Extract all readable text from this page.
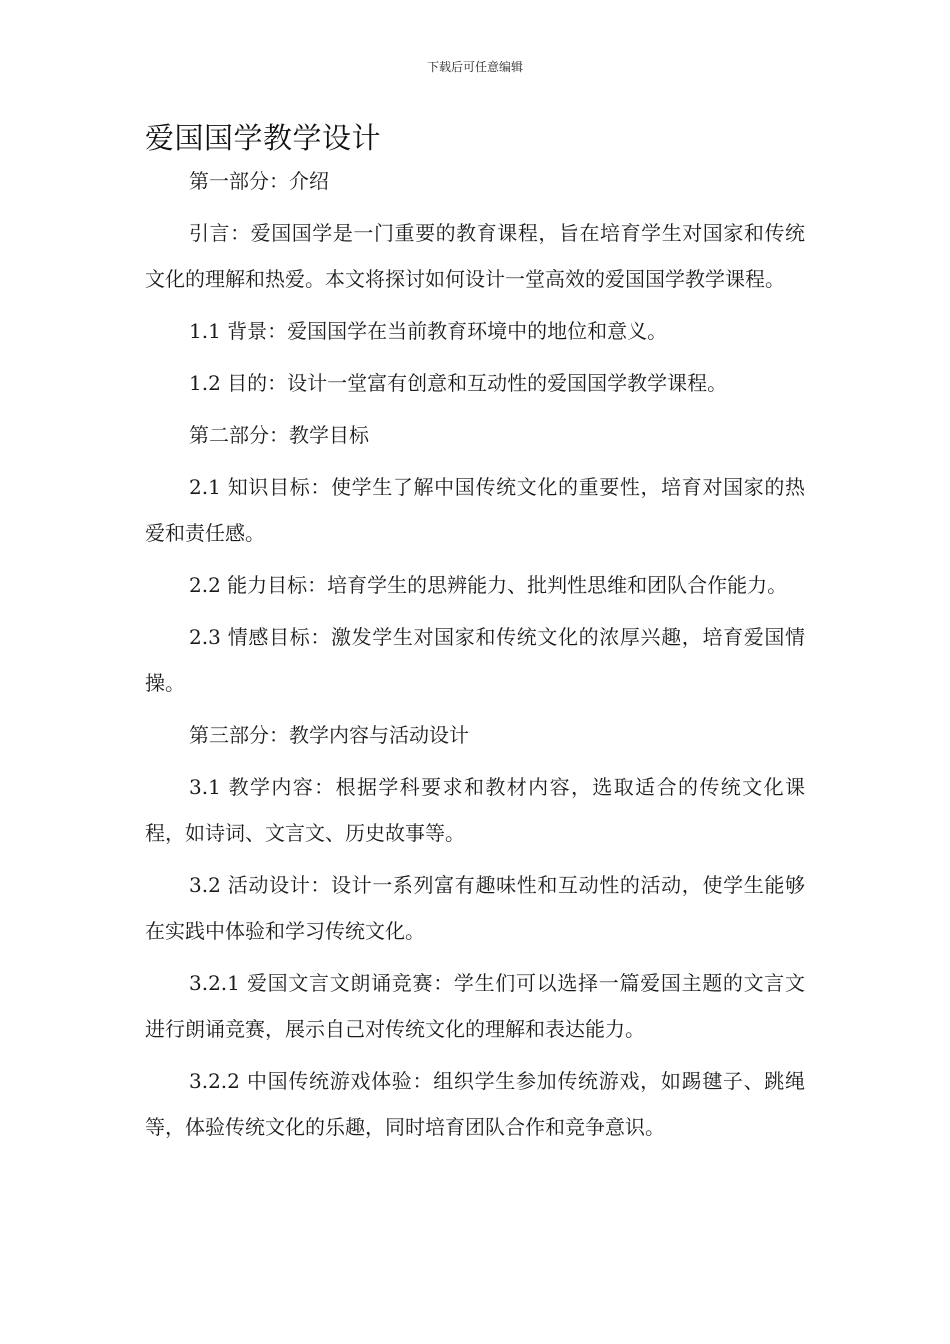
下载后可任意编辑
爱国国学教学设计

第一部分：介绍

引言：爱国国学是一门重要的教育课程，旨在培育学生对国家和传统文化的理解和热爱。本文将探讨如何设计一堂高效的爱国国学教学课程。

1.1 背景：爱国国学在当前教育环境中的地位和意义。

1.2 目的：设计一堂富有创意和互动性的爱国国学教学课程。

第二部分：教学目标

2.1 知识目标：使学生了解中国传统文化的重要性，培育对国家的热爱和责任感。

2.2 能力目标：培育学生的思辨能力、批判性思维和团队合作能力。

2.3 情感目标：激发学生对国家和传统文化的浓厚兴趣，培育爱国情操。

第三部分：教学内容与活动设计

3.1 教学内容：根据学科要求和教材内容，选取适合的传统文化课程，如诗词、文言文、历史故事等。

3.2 活动设计：设计一系列富有趣味性和互动性的活动，使学生能够在实践中体验和学习传统文化。

3.2.1 爱国文言文朗诵竞赛：学生们可以选择一篇爱国主题的文言文进行朗诵竞赛，展示自己对传统文化的理解和表达能力。

3.2.2 中国传统游戏体验：组织学生参加传统游戏，如踢毽子、跳绳等，体验传统文化的乐趣，同时培育团队合作和竞争意识。
